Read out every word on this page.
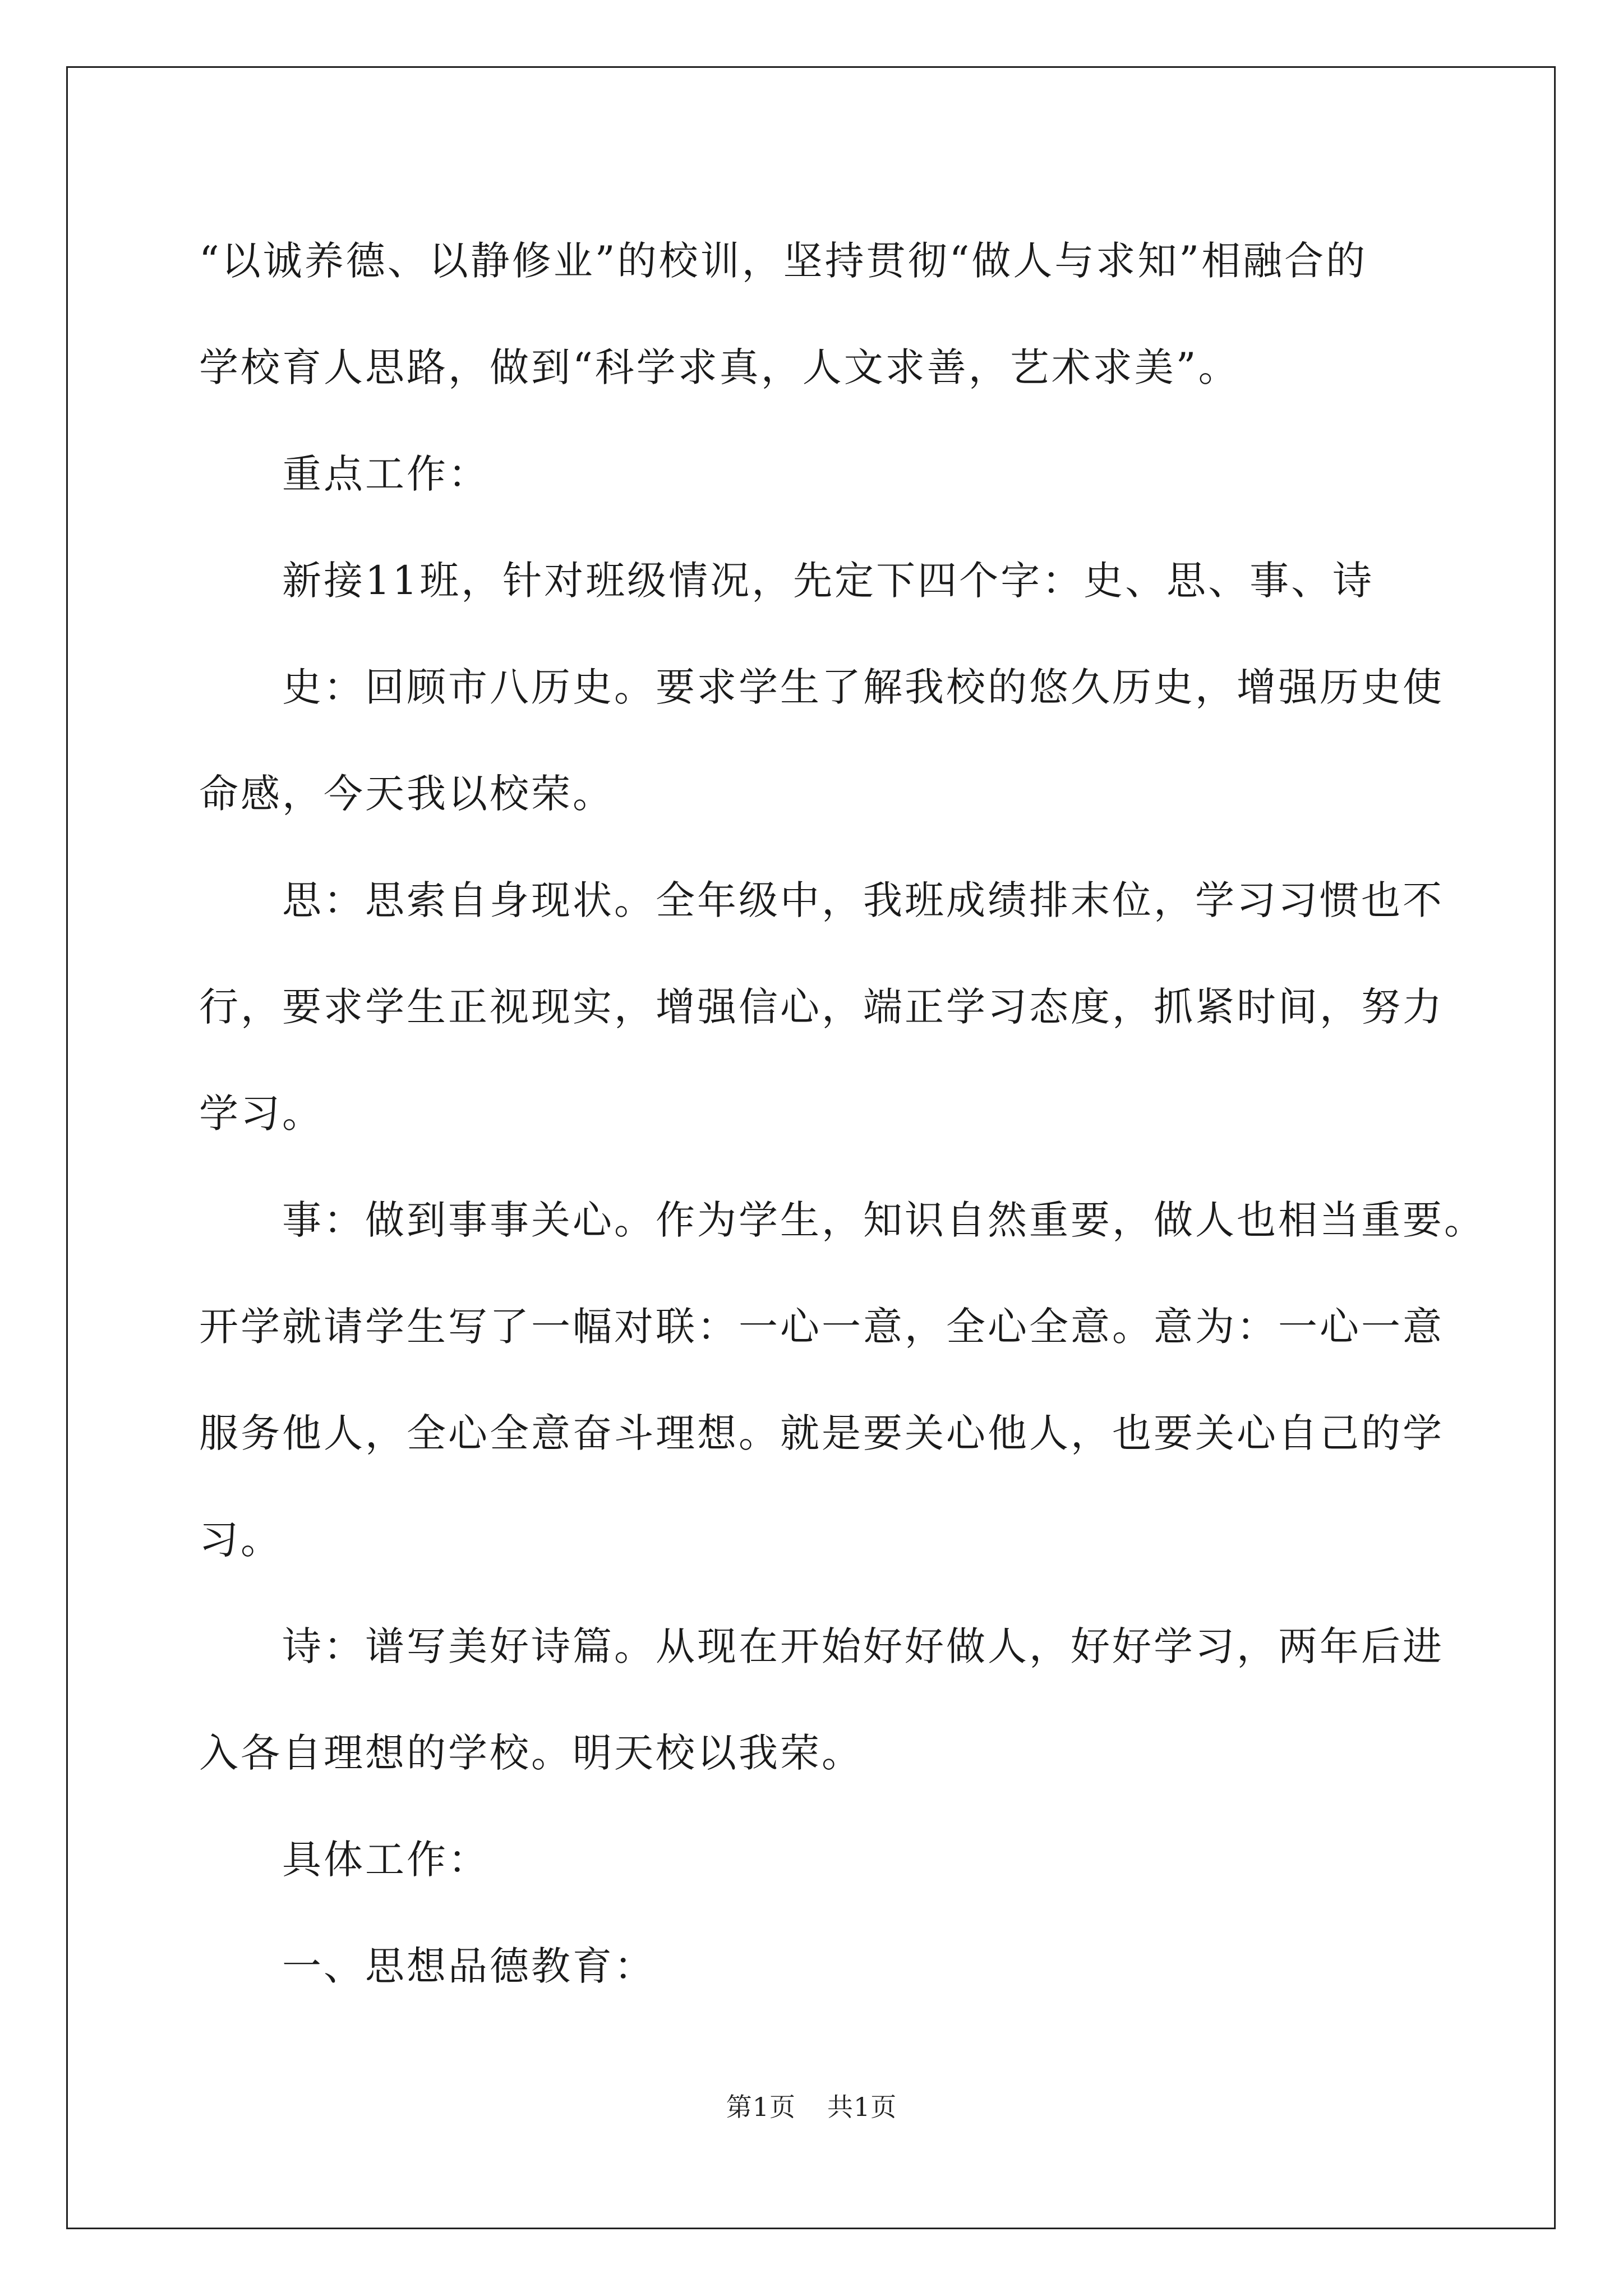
“以诚养德、以静修业”的校训，坚持贯彻“做人与求知”相融合的
学校育人思路，做到“科学求真，人文求善，艺术求美”。

重点工作：

新接11班，针对班级情况，先定下四个字：史、思、事、诗

史：回顾市八历史。要求学生了解我校的悠久历史，增强历史使
命感，今天我以校荣。

思：思索自身现状。全年级中，我班成绩排末位，学习习惯也不
行，要求学生正视现实，增强信心，端正学习态度，抓紧时间，努力
学习。

事：做到事事关心。作为学生，知识自然重要，做人也相当重要。
开学就请学生写了一幅对联：一心一意，全心全意。意为：一心一意
服务他人，全心全意奋斗理想。就是要关心他人，也要关心自己的学
习。

诗：谱写美好诗篇。从现在开始好好做人，好好学习，两年后进
入各自理想的学校。明天校以我荣。

具体工作：

一、思想品德教育：

第1页 共1页
